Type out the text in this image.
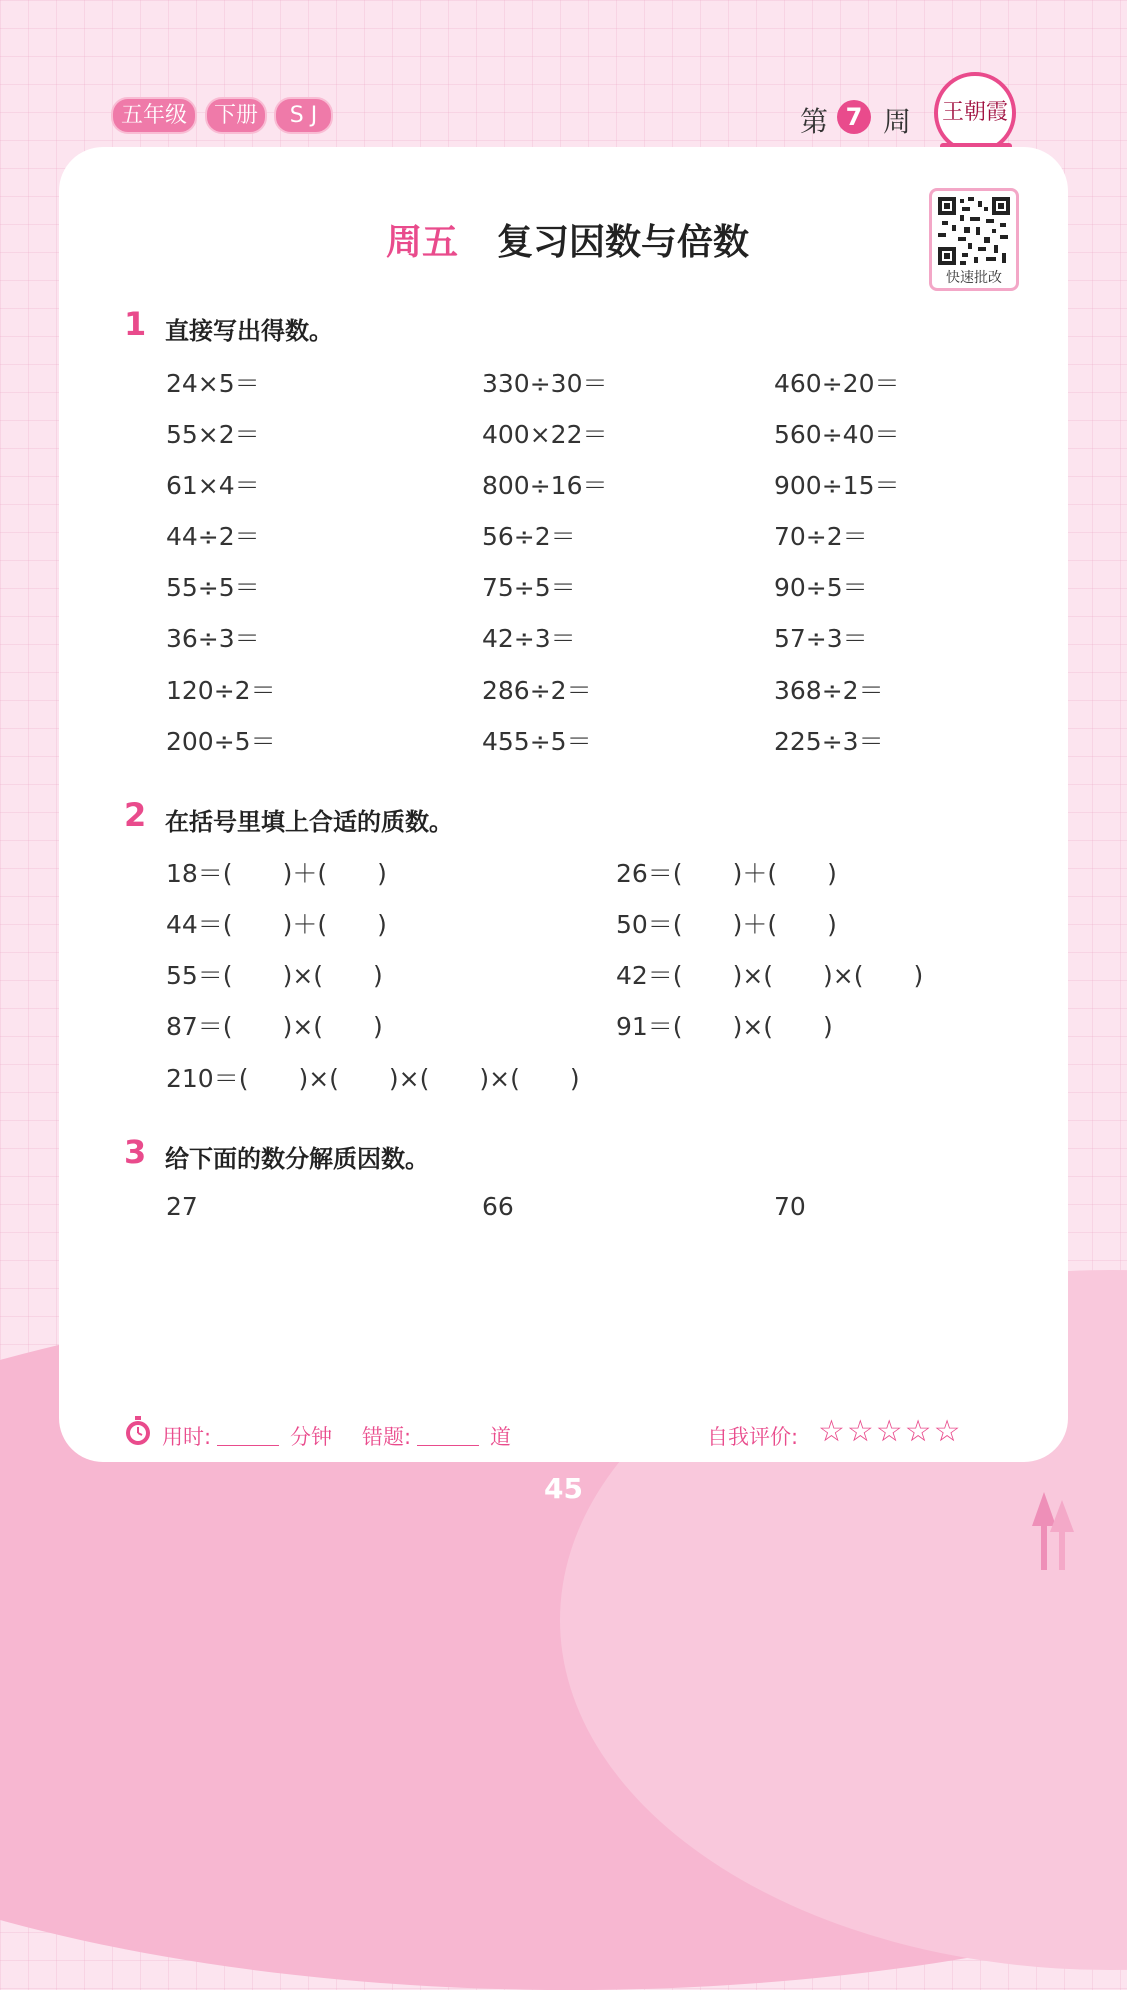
五年级	下册	S J	第 7 周	王朝霞
周五 复习因数与倍数
快速批改
1 直接写出得数。
24×5＝	330÷30＝	460÷20＝
55×2＝	400×22＝	560÷40＝
61×4＝	800÷16＝	900÷15＝
44÷2＝	56÷2＝	70÷2＝
55÷5＝	75÷5＝	90÷5＝
36÷3＝	42÷3＝	57÷3＝
120÷2＝	286÷2＝	368÷2＝
200÷5＝	455÷5＝	225÷3＝
2 在括号里填上合适的质数。
18＝(　　)＋(　　)	26＝(　　)＋(　　)
44＝(　　)＋(　　)	50＝(　　)＋(　　)
55＝(　　)×(　　)	42＝(　　)×(　　)×(　　)
87＝(　　)×(　　)	91＝(　　)×(　　)
210＝(　　)×(　　)×(　　)×(　　)
3 给下面的数分解质因数。
27	66	70
用时:	分钟 错题:	道	自我评价: ☆☆☆☆☆
45
